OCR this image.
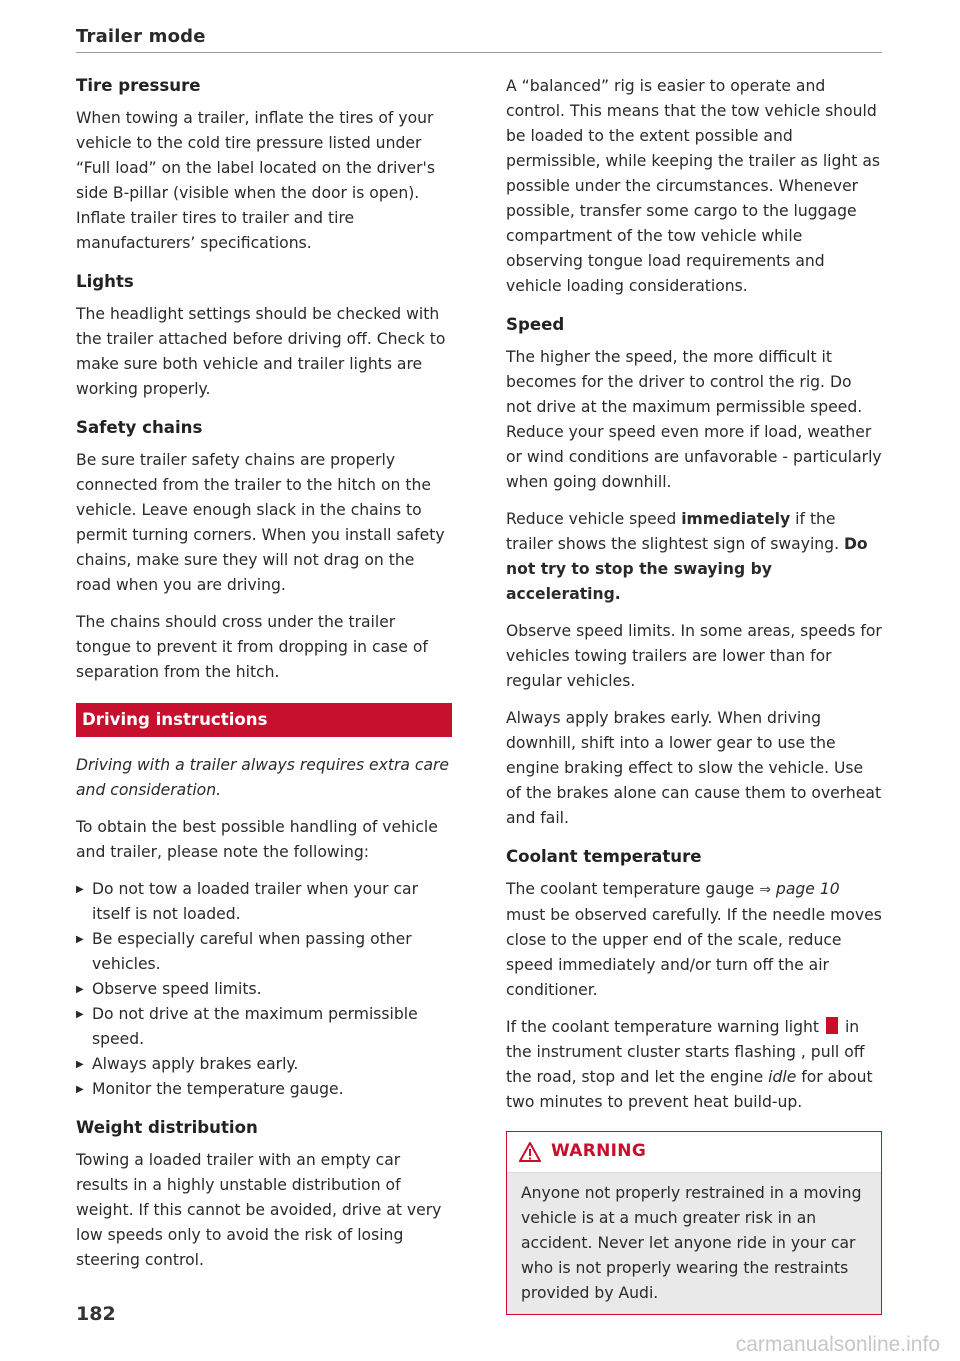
Trailer mode
Tire pressure

When towing a trailer, inflate the tires of your vehicle to the cold tire pressure listed under “Full load” on the label located on the driver's side B-pillar (visible when the door is open). Inflate trailer tires to trailer and tire manufacturers’ specifications.

Lights

The headlight settings should be checked with the trailer attached before driving off. Check to make sure both vehicle and trailer lights are working properly.

Safety chains

Be sure trailer safety chains are properly connected from the trailer to the hitch on the vehicle. Leave enough slack in the chains to permit turning corners. When you install safety chains, make sure they will not drag on the road when you are driving.

The chains should cross under the trailer tongue to prevent it from dropping in case of separation from the hitch.

Driving instructions

Driving with a trailer always requires extra care and consideration.

To obtain the best possible handling of vehicle and trailer, please note the following:

▶ Do not tow a loaded trailer when your car itself is not loaded.
▶ Be especially careful when passing other vehicles.
▶ Observe speed limits.
▶ Do not drive at the maximum permissible speed.
▶ Always apply brakes early.
▶ Monitor the temperature gauge.
Weight distribution

Towing a loaded trailer with an empty car results in a highly unstable distribution of weight. If this cannot be avoided, drive at very low speeds only to avoid the risk of losing steering control.

A “balanced” rig is easier to operate and control. This means that the tow vehicle should be loaded to the extent possible and permissible, while keeping the trailer as light as possible under the circumstances. Whenever possible, transfer some cargo to the luggage compartment of the tow vehicle while observing tongue load requirements and vehicle loading considerations.

Speed

The higher the speed, the more difficult it becomes for the driver to control the rig. Do not drive at the maximum permissible speed. Reduce your speed even more if load, weather or wind conditions are unfavorable - particularly when going downhill.

Reduce vehicle speed immediately if the trailer shows the slightest sign of swaying. Do not try to stop the swaying by accelerating.

Observe speed limits. In some areas, speeds for vehicles towing trailers are lower than for regular vehicles.

Always apply brakes early. When driving downhill, shift into a lower gear to use the engine braking effect to slow the vehicle. Use of the brakes alone can cause them to overheat and fail.

Coolant temperature

The coolant temperature gauge ⇒ page 10 must be observed carefully. If the needle moves close to the upper end of the scale, reduce speed immediately and/or turn off the air conditioner.

If the coolant temperature warning light  in the instrument cluster starts flashing , pull off the road, stop and let the engine idle for about two minutes to prevent heat build-up.

WARNING

Anyone not properly restrained in a moving vehicle is at a much greater risk in an accident. Never let anyone ride in your car who is not properly wearing the restraints provided by Audi.

182
carmanualsonline.info
